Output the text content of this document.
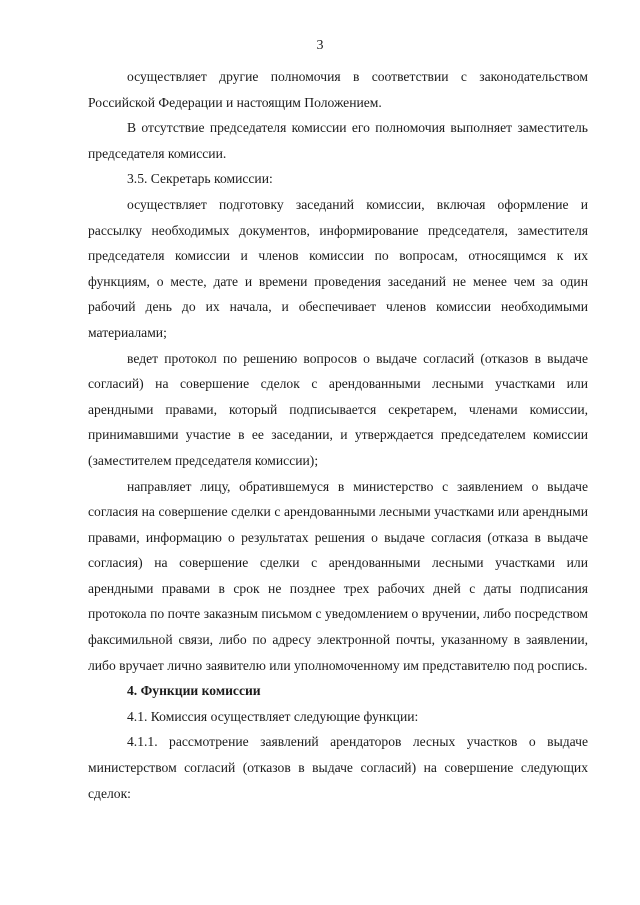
3

осуществляет другие полномочия в соответствии с законодательством Российской Федерации и настоящим Положением.

В отсутствие председателя комиссии его полномочия выполняет заместитель председателя комиссии.

3.5. Секретарь комиссии:

осуществляет подготовку заседаний комиссии, включая оформление и рассылку необходимых документов, информирование председателя, заместителя председателя комиссии и членов комиссии по вопросам, относящимся к их функциям, о месте, дате и времени проведения заседаний не менее чем за один рабочий день до их начала, и обеспечивает членов комиссии необходимыми материалами;

ведет протокол по решению вопросов о выдаче согласий (отказов в выдаче согласий) на совершение сделок с арендованными лесными участками или арендными правами, который подписывается секретарем, членами комиссии, принимавшими участие в ее заседании, и утверждается председателем комиссии (заместителем председателя комиссии);

направляет лицу, обратившемуся в министерство с заявлением о выдаче согласия на совершение сделки с арендованными лесными участками или арендными правами, информацию о результатах решения о выдаче согласия (отказа в выдаче согласия) на совершение сделки с арендованными лесными участками или арендными правами в срок не позднее трех рабочих дней с даты подписания протокола по почте заказным письмом с уведомлением о вручении, либо посредством факсимильной связи, либо по адресу электронной почты, указанному в заявлении, либо вручает лично заявителю или уполномоченному им представителю под роспись.

4. Функции комиссии

4.1. Комиссия осуществляет следующие функции:

4.1.1. рассмотрение заявлений арендаторов лесных участков о выдаче министерством согласий (отказов в выдаче согласий) на совершение следующих сделок:
